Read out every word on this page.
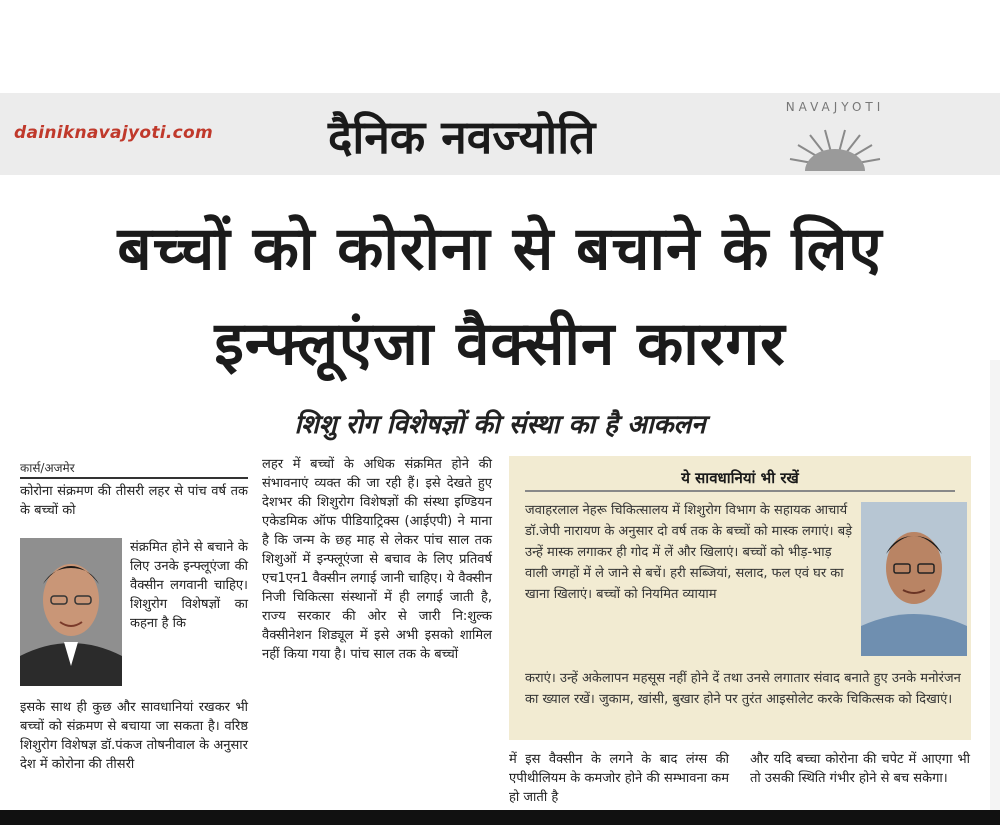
dainiknavajyoti.com दैनिक नवज्योति
NAVAJYOTI
बच्चों को कोरोना से बचाने के लिए
इन्फ्लूएंजा वैक्सीन कारगर
शिशु रोग विशेषज्ञों की संस्था का है आकलन
कार्स/अजमेर
कोरोना संक्रमण की तीसरी लहर से पांच वर्ष तक के बच्चों को
संक्रमित होने से बचाने के लिए उनके इन्फ्लूएंजा की वैक्सीन लगवानी चाहिए। शिशुरोग विशेषज्ञों का कहना है कि
इसके साथ ही कुछ और सावधानियां रखकर भी बच्चों को संक्रमण से बचाया जा सकता है। वरिष्ठ शिशुरोग विशेषज्ञ डॉ.पंकज तोषनीवाल के अनुसार देश में कोरोना की तीसरी
लहर में बच्चों के अधिक संक्रमित होने की संभावनाएं व्यक्त की जा रही हैं। इसे देखते हुए देशभर की शिशुरोग विशेषज्ञों की संस्था इण्डियन एकेडमिक ऑफ पीडियाट्रिक्स (आईएपी) ने माना है कि जन्म के छह माह से लेकर पांच साल तक शिशुओं में इन्फ्लूएंजा से बचाव के लिए प्रतिवर्ष एच1एन1 वैक्सीन लगाई जानी चाहिए। ये वैक्सीन निजी चिकित्सा संस्थानों में ही लगाई जाती है, राज्य सरकार की ओर से जारी नि:शुल्क वैक्सीनेशन शिड्यूल में इसे अभी इसको शामिल नहीं किया गया है। पांच साल तक के बच्चों
ये सावधानियां भी रखें
जवाहरलाल नेहरू चिकित्सालय में शिशुरोग विभाग के सहायक आचार्य डॉ.जेपी नारायण के अनुसार दो वर्ष तक के बच्चों को मास्क लगाएं। बड़े उन्हें मास्क लगाकर ही गोद में लें और खिलाएं। बच्चों को भीड़-भाड़ वाली जगहों में ले जाने से बचें। हरी सब्जियां, सलाद, फल एवं घर का खाना खिलाएं। बच्चों को नियमित व्यायाम
कराएं। उन्हें अकेलापन महसूस नहीं होने दें तथा उनसे लगातार संवाद बनाते हुए उनके मनोरंजन का ख्याल रखें। जुकाम, खांसी, बुखार होने पर तुरंत आइसोलेट करके चिकित्सक को दिखाएं।
में इस वैक्सीन के लगने के बाद लंग्स की एपीथीलियम के कमजोर होने की सम्भावना कम हो जाती है
और यदि बच्चा कोरोना की चपेट में आएगा भी तो उसकी स्थिति गंभीर होने से बच सकेगा।
